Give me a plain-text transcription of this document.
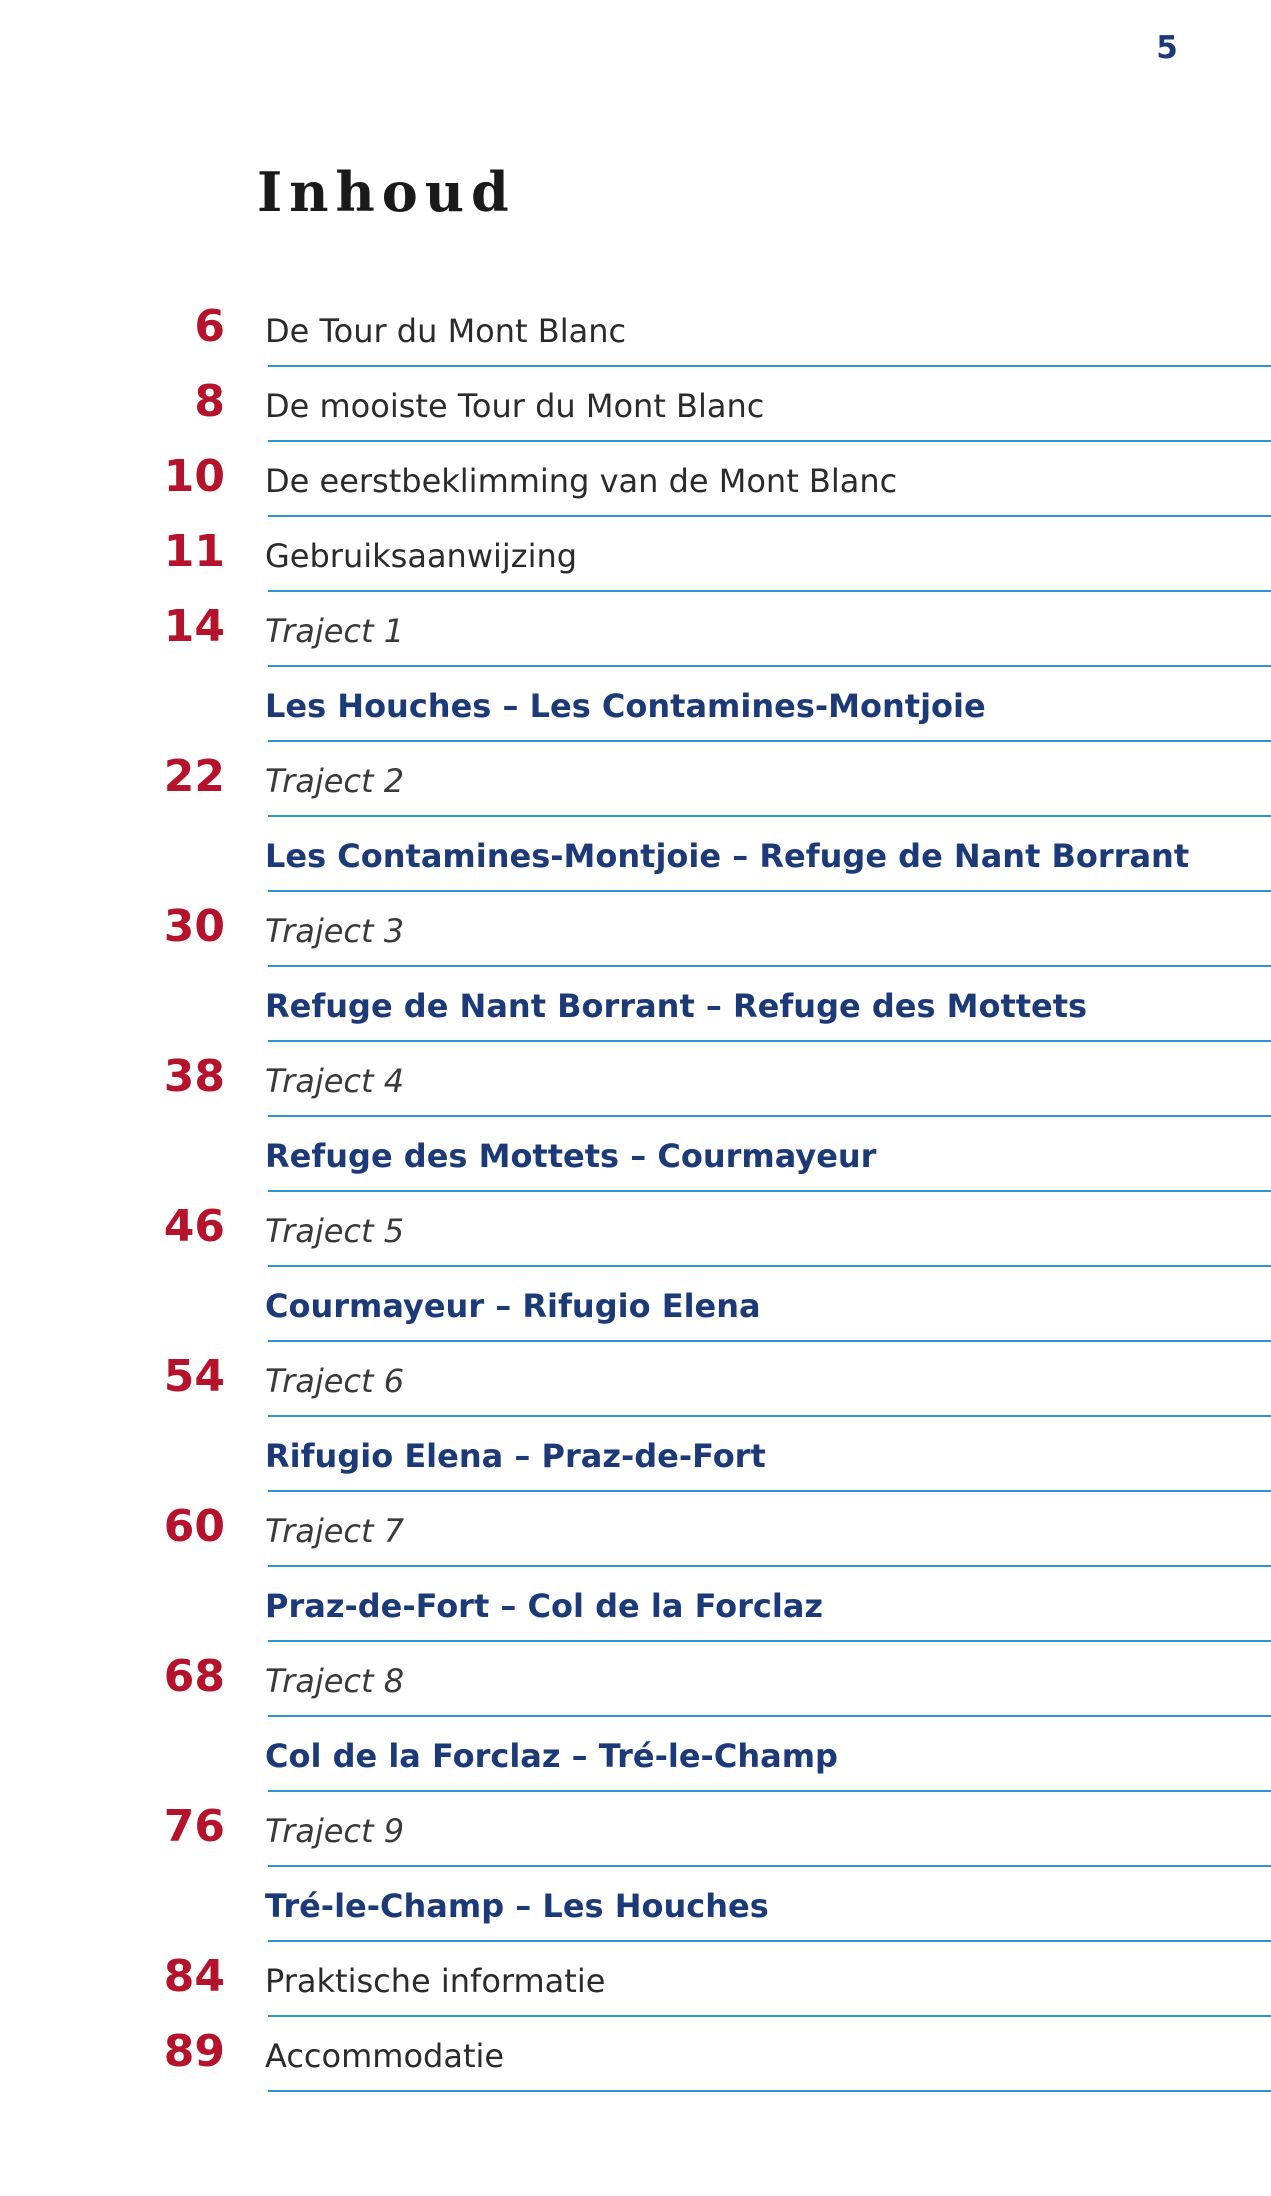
5
Inhoud
6 De Tour du Mont Blanc
8 De mooiste Tour du Mont Blanc
10 De eerstbeklimming van de Mont Blanc
11 Gebruiksaanwijzing
14 Traject 1
Les Houches – Les Contamines-Montjoie
22 Traject 2
Les Contamines-Montjoie – Refuge de Nant Borrant
30 Traject 3
Refuge de Nant Borrant – Refuge des Mottets
38 Traject 4
Refuge des Mottets – Courmayeur
46 Traject 5
Courmayeur – Rifugio Elena
54 Traject 6
Rifugio Elena – Praz-de-Fort
60 Traject 7
Praz-de-Fort – Col de la Forclaz
68 Traject 8
Col de la Forclaz – Tré-le-Champ
76 Traject 9
Tré-le-Champ – Les Houches
84 Praktische informatie
89 Accommodatie
